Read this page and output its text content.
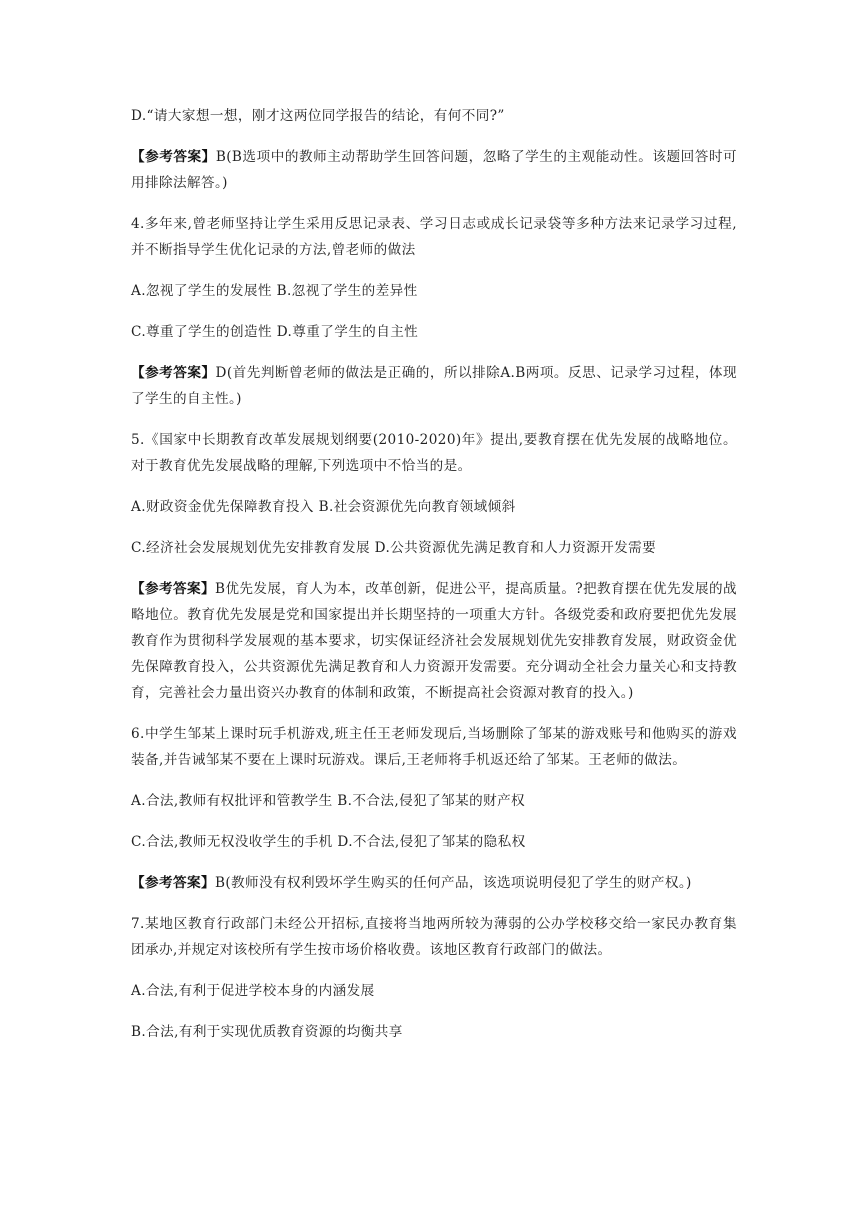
D.“请大家想一想，刚才这两位同学报告的结论，有何不同?”

【参考答案】B(B选项中的教师主动帮助学生回答问题，忽略了学生的主观能动性。该题回答时可用排除法解答。)

4.多年来,曾老师坚持让学生采用反思记录表、学习日志或成长记录袋等多种方法来记录学习过程,并不断指导学生优化记录的方法,曾老师的做法

A.忽视了学生的发展性 B.忽视了学生的差异性

C.尊重了学生的创造性 D.尊重了学生的自主性

【参考答案】D(首先判断曾老师的做法是正确的，所以排除A.B两项。反思、记录学习过程，体现了学生的自主性。)

5.《国家中长期教育改革发展规划纲要(2010-2020)年》提出,要教育摆在优先发展的战略地位。对于教育优先发展战略的理解,下列选项中不恰当的是。

A.财政资金优先保障教育投入 B.社会资源优先向教育领域倾斜

C.经济社会发展规划优先安排教育发展 D.公共资源优先满足教育和人力资源开发需要

【参考答案】B优先发展，育人为本，改革创新，促进公平，提高质量。?把教育摆在优先发展的战略地位。教育优先发展是党和国家提出并长期坚持的一项重大方针。各级党委和政府要把优先发展教育作为贯彻科学发展观的基本要求，切实保证经济社会发展规划优先安排教育发展，财政资金优先保障教育投入，公共资源优先满足教育和人力资源开发需要。充分调动全社会力量关心和支持教育，完善社会力量出资兴办教育的体制和政策，不断提高社会资源对教育的投入。)

6.中学生邹某上课时玩手机游戏,班主任王老师发现后,当场删除了邹某的游戏账号和他购买的游戏装备,并告诫邹某不要在上课时玩游戏。课后,王老师将手机返还给了邹某。王老师的做法。

A.合法,教师有权批评和管教学生 B.不合法,侵犯了邹某的财产权

C.合法,教师无权没收学生的手机 D.不合法,侵犯了邹某的隐私权

【参考答案】B(教师没有权利毁坏学生购买的任何产品，该选项说明侵犯了学生的财产权。)

7.某地区教育行政部门未经公开招标,直接将当地两所较为薄弱的公办学校移交给一家民办教育集团承办,并规定对该校所有学生按市场价格收费。该地区教育行政部门的做法。

A.合法,有利于促进学校本身的内涵发展

B.合法,有利于实现优质教育资源的均衡共享
